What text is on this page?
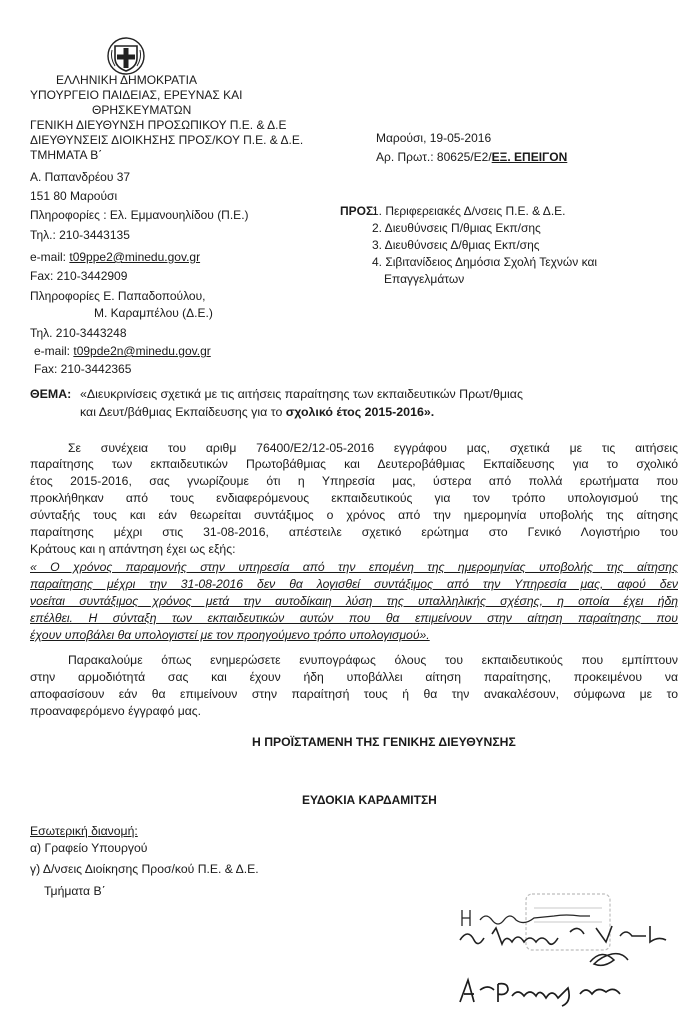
ΕΛΛΗΝΙΚΗ ΔΗΜΟΚΡΑΤΙΑ
ΥΠΟΥΡΓΕΙΟ ΠΑΙΔΕΙΑΣ, ΕΡΕΥΝΑΣ ΚΑΙ
ΘΡΗΣΚΕΥΜΑΤΩΝ
ΓΕΝΙΚΗ ΔΙΕΥΘΥΝΣΗ ΠΡΟΣΩΠΙΚΟΥ Π.Ε. & Δ.Ε
ΔΙΕΥΘΥΝΣΕΙΣ ΔΙΟΙΚΗΣΗΣ ΠΡΟΣ/ΚΟΥ Π.Ε. & Δ.Ε.
ΤΜΗΜΑΤΑ Β΄
Α. Παπανδρέου 37
151 80 Μαρούσι
Πληροφορίες : Ελ. Εμμανουηλίδου (Π.Ε.)
Τηλ.: 210-3443135
e-mail: t09ppe2@minedu.gov.gr
Fax: 210-3442909
Πληροφορίες Ε. Παπαδοπούλου,
Μ. Καραμπέλου (Δ.Ε.)
Τηλ. 210-3443248
e-mail: t09pde2n@minedu.gov.gr
Fax: 210-3442365
Μαρούσι, 19-05-2016
Αρ. Πρωτ.: 80625/Ε2/ΕΞ. ΕΠΕΙΓΟΝ
ΠΡΟΣ:
1. Περιφερειακές Δ/νσεις Π.Ε. & Δ.Ε.
2. Διευθύνσεις Π/θμιας Εκπ/σης
3. Διευθύνσεις Δ/θμιας Εκπ/σης
4. Σιβιτανίδειος Δημόσια Σχολή Τεχνών και
Επαγγελμάτων
ΘΕΜΑ: «Διευκρινίσεις σχετικά με τις αιτήσεις παραίτησης των εκπαιδευτικών Πρωτ/θμιας
και Δευτ/βάθμιας Εκπαίδευσης για το σχολικό έτος 2015-2016».
Σε συνέχεια του αριθμ 76400/Ε2/12-05-2016 εγγράφου μας, σχετικά με τις αιτήσεις
παραίτησης των εκπαιδευτικών Πρωτοβάθμιας και Δευτεροβάθμιας Εκπαίδευσης για το σχολικό
έτος 2015-2016, σας γνωρίζουμε ότι η Υπηρεσία μας, ύστερα από πολλά ερωτήματα που
προκλήθηκαν από τους ενδιαφερόμενους εκπαιδευτικούς για τον τρόπο υπολογισμού της
σύνταξής τους και εάν θεωρείται συντάξιμος ο χρόνος από την ημερομηνία υποβολής της αίτησης
παραίτησης μέχρι στις 31-08-2016, απέστειλε σχετικό ερώτημα στο Γενικό Λογιστήριο του
Κράτους και η απάντηση έχει ως εξής:
« Ο χρόνος παραμονής στην υπηρεσία από την επομένη της ημερομηνίας υποβολής της αίτησης
παραίτησης μέχρι την 31-08-2016 δεν θα λογισθεί συντάξιμος από την Υπηρεσία μας, αφού δεν
νοείται συντάξιμος χρόνος μετά την αυτοδίκαιη λύση της υπαλληλικής σχέσης, η οποία έχει ήδη
επέλθει. Η σύνταξη των εκπαιδευτικών αυτών που θα επιμείνουν στην αίτηση παραίτησης που
έχουν υποβάλει θα υπολογιστεί με τον προηγούμενο τρόπο υπολογισμού».
Παρακαλούμε όπως ενημερώσετε ενυπογράφως όλους του εκπαιδευτικούς που εμπίπτουν
στην αρμοδιότητά σας και έχουν ήδη υποβάλλει αίτηση παραίτησης, προκειμένου να
αποφασίσουν εάν θα επιμείνουν στην παραίτησή τους ή θα την ανακαλέσουν, σύμφωνα με το
προαναφερόμενο έγγραφό μας.
Η ΠΡΟΪΣΤΑΜΕΝΗ ΤΗΣ ΓΕΝΙΚΗΣ ΔΙΕΥΘΥΝΣΗΣ
ΕΥΔΟΚΙΑ ΚΑΡΔΑΜΙΤΣΗ
Εσωτερική διανομή:
α) Γραφείο Υπουργού
γ) Δ/νσεις Διοίκησης Προσ/κού Π.Ε. & Δ.Ε.
Τμήματα Β΄
